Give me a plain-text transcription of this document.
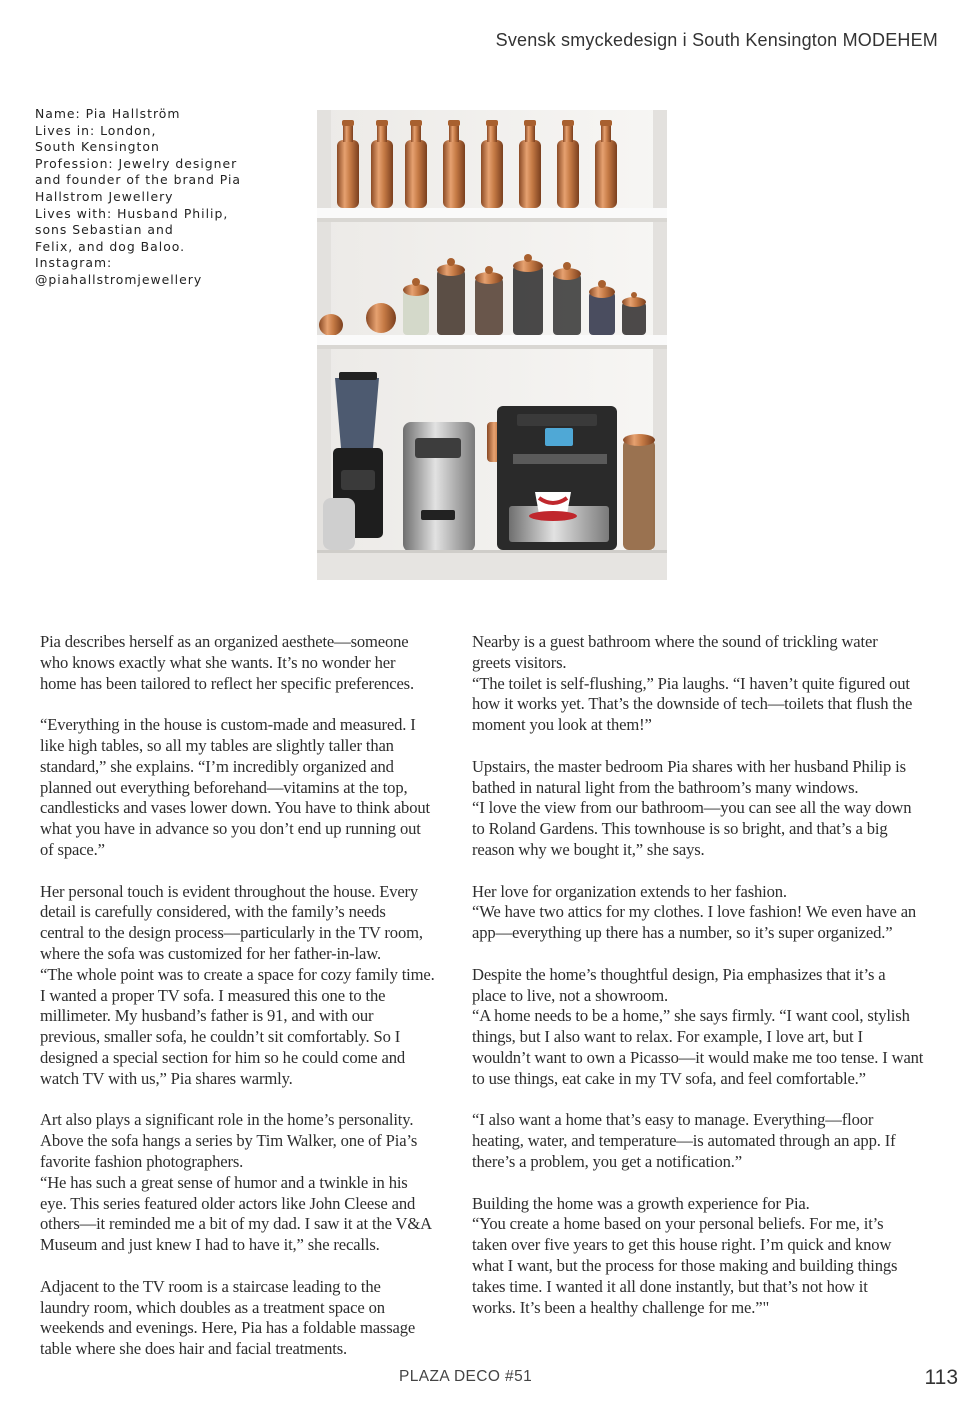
Svensk smyckedesign i South Kensington MODEHEM
Name: Pia Hallström
Lives in: London,
South Kensington
Profession: Jewelry designer
and founder of the brand Pia
Hallstrom Jewellery
Lives with: Husband Philip,
sons Sebastian and
Felix, and dog Baloo.
Instagram:
@piahallstromjewellery

Pia describes herself as an organized aesthete—someone
who knows exactly what she wants. It’s no wonder her
home has been tailored to reflect her specific preferences.

“Everything in the house is custom-made and measured. I
like high tables, so all my tables are slightly taller than
standard,” she explains. “I’m incredibly organized and
planned out everything beforehand—vitamins at the top,
candlesticks and vases lower down. You have to think about
what you have in advance so you don’t end up running out
of space.”

Her personal touch is evident throughout the house. Every
detail is carefully considered, with the family’s needs
central to the design process—particularly in the TV room,
where the sofa was customized for her father-in-law.
“The whole point was to create a space for cozy family time.
I wanted a proper TV sofa. I measured this one to the
millimeter. My husband’s father is 91, and with our
previous, smaller sofa, he couldn’t sit comfortably. So I
designed a special section for him so he could come and
watch TV with us,” Pia shares warmly.

Art also plays a significant role in the home’s personality.
Above the sofa hangs a series by Tim Walker, one of Pia’s
favorite fashion photographers.
“He has such a great sense of humor and a twinkle in his
eye. This series featured older actors like John Cleese and
others—it reminded me a bit of my dad. I saw it at the V&A
Museum and just knew I had to have it,” she recalls.

Adjacent to the TV room is a staircase leading to the
laundry room, which doubles as a treatment space on
weekends and evenings. Here, Pia has a foldable massage
table where she does hair and facial treatments.

Nearby is a guest bathroom where the sound of trickling water
greets visitors.
“The toilet is self-flushing,” Pia laughs. “I haven’t quite figured out
how it works yet. That’s the downside of tech—toilets that flush the
moment you look at them!”

Upstairs, the master bedroom Pia shares with her husband Philip is
bathed in natural light from the bathroom’s many windows.
“I love the view from our bathroom—you can see all the way down
to Roland Gardens. This townhouse is so bright, and that’s a big
reason why we bought it,” she says.

Her love for organization extends to her fashion.
“We have two attics for my clothes. I love fashion! We even have an
app—everything up there has a number, so it’s super organized.”

Despite the home’s thoughtful design, Pia emphasizes that it’s a
place to live, not a showroom.
“A home needs to be a home,” she says firmly. “I want cool, stylish
things, but I also want to relax. For example, I love art, but I
wouldn’t want to own a Picasso—it would make me too tense. I want
to use things, eat cake in my TV sofa, and feel comfortable.”

“I also want a home that’s easy to manage. Everything—floor
heating, water, and temperature—is automated through an app. If
there’s a problem, you get a notification.”

Building the home was a growth experience for Pia.
“You create a home based on your personal beliefs. For me, it’s
taken over five years to get this house right. I’m quick and know
what I want, but the process for those making and building things
takes time. I wanted it all done instantly, but that’s not how it
works. It’s been a healthy challenge for me.”"

PLAZA DECO #51	113
